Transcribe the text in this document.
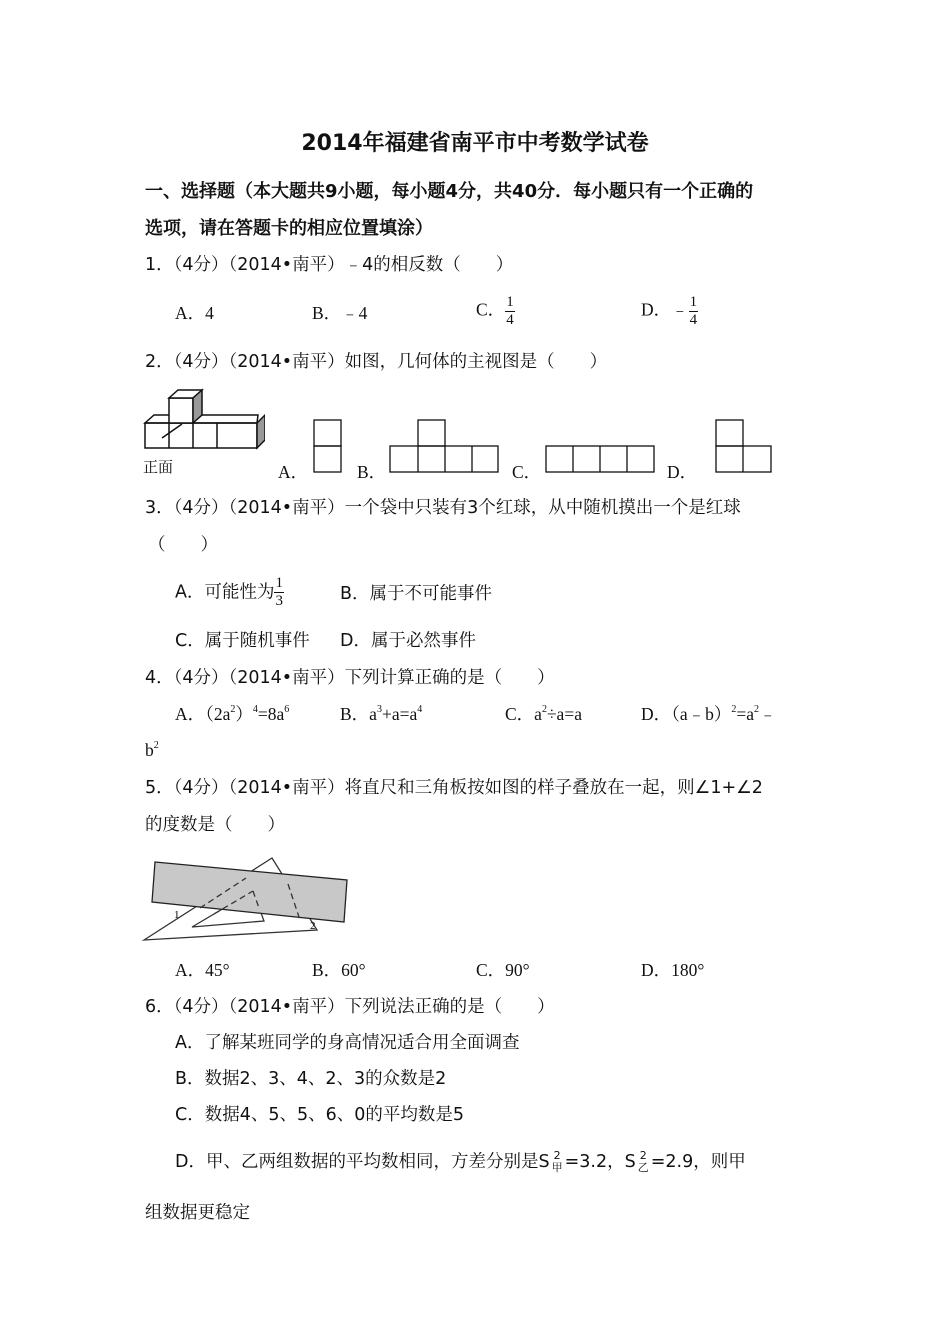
2014年福建省南平市中考数学试卷
一、选择题（本大题共9小题，每小题4分，共40分．每小题只有一个正确的
选项，请在答题卡的相应位置填涂）
1．（4分）（2014•南平）﹣4的相反数（　　）
A．4	B．﹣4	C． $\frac{1}{4}$	D．﹣ $\frac{1}{4}$
2．（4分）（2014•南平）如图，几何体的主视图是（　　）
正面	A．	B．	C．	D．
3．（4分）（2014•南平）一个袋中只装有3个红球，从中随机摸出一个是红球
（　　）
A．可能性为 $\frac{1}{3}$	B．属于不可能事件
C．属于随机事件 D．属于必然事件
4．（4分）（2014•南平）下列计算正确的是（　　）
A．$(2a^2)^4=8a^6$	B．$a^3+a=a^4$	C．$a^2\div a=a$	D．$(a﹣b)^2=a^2﹣$
$b^2$
5．（4分）（2014•南平）将直尺和三角板按如图的样子叠放在一起，则∠1+∠2
的度数是（　　）
1
2
A．45°	B．60°	C．90°	D．180°
6．（4分）（2014•南平）下列说法正确的是（　　）
A．了解某班同学的身高情况适合用全面调查
B．数据2、3、4、2、3的众数是2
C．数据4、5、5、6、0的平均数是5
D．甲、乙两组数据的平均数相同，方差分别是S 2
甲 =3.2，S 2
乙 =2.9，则甲
组数据更稳定
